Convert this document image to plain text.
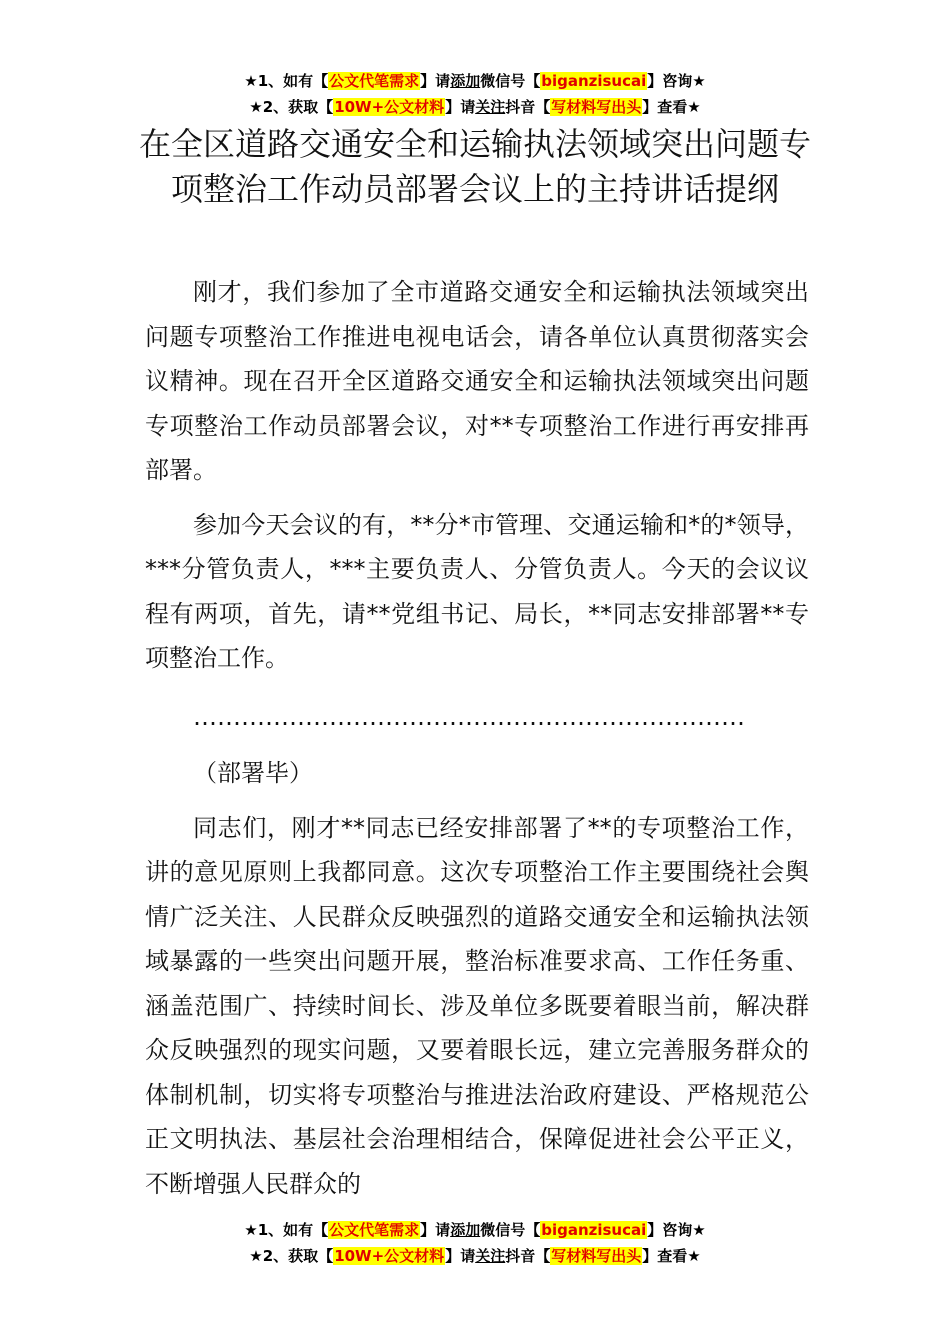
★1、如有【公文代笔需求】请添加微信号【biganzisucai】咨询★
★2、获取【10W+公文材料】请关注抖音【写材料写出头】查看★
在全区道路交通安全和运输执法领域突出问题专项整治工作动员部署会议上的主持讲话提纲

刚才，我们参加了全市道路交通安全和运输执法领域突出问题专项整治工作推进电视电话会，请各单位认真贯彻落实会议精神。现在召开全区道路交通安全和运输执法领域突出问题专项整治工作动员部署会议，对**专项整治工作进行再安排再部署。

参加今天会议的有，**分*市管理、交通运输和*的*领导，***分管负责人，***主要负责人、分管负责人。今天的会议议程有两项，首先，请**党组书记、局长，**同志安排部署**专项整治工作。

……………………………………………………………

（部署毕）

同志们，刚才**同志已经安排部署了**的专项整治工作，讲的意见原则上我都同意。这次专项整治工作主要围绕社会舆情广泛关注、人民群众反映强烈的道路交通安全和运输执法领域暴露的一些突出问题开展，整治标准要求高、工作任务重、涵盖范围广、持续时间长、涉及单位多既要着眼当前，解决群众反映强烈的现实问题，又要着眼长远，建立完善服务群众的体制机制，切实将专项整治与推进法治政府建设、严格规范公正文明执法、基层社会治理相结合，保障促进社会公平正义，不断增强人民群众的

★1、如有【公文代笔需求】请添加微信号【biganzisucai】咨询★
★2、获取【10W+公文材料】请关注抖音【写材料写出头】查看★
